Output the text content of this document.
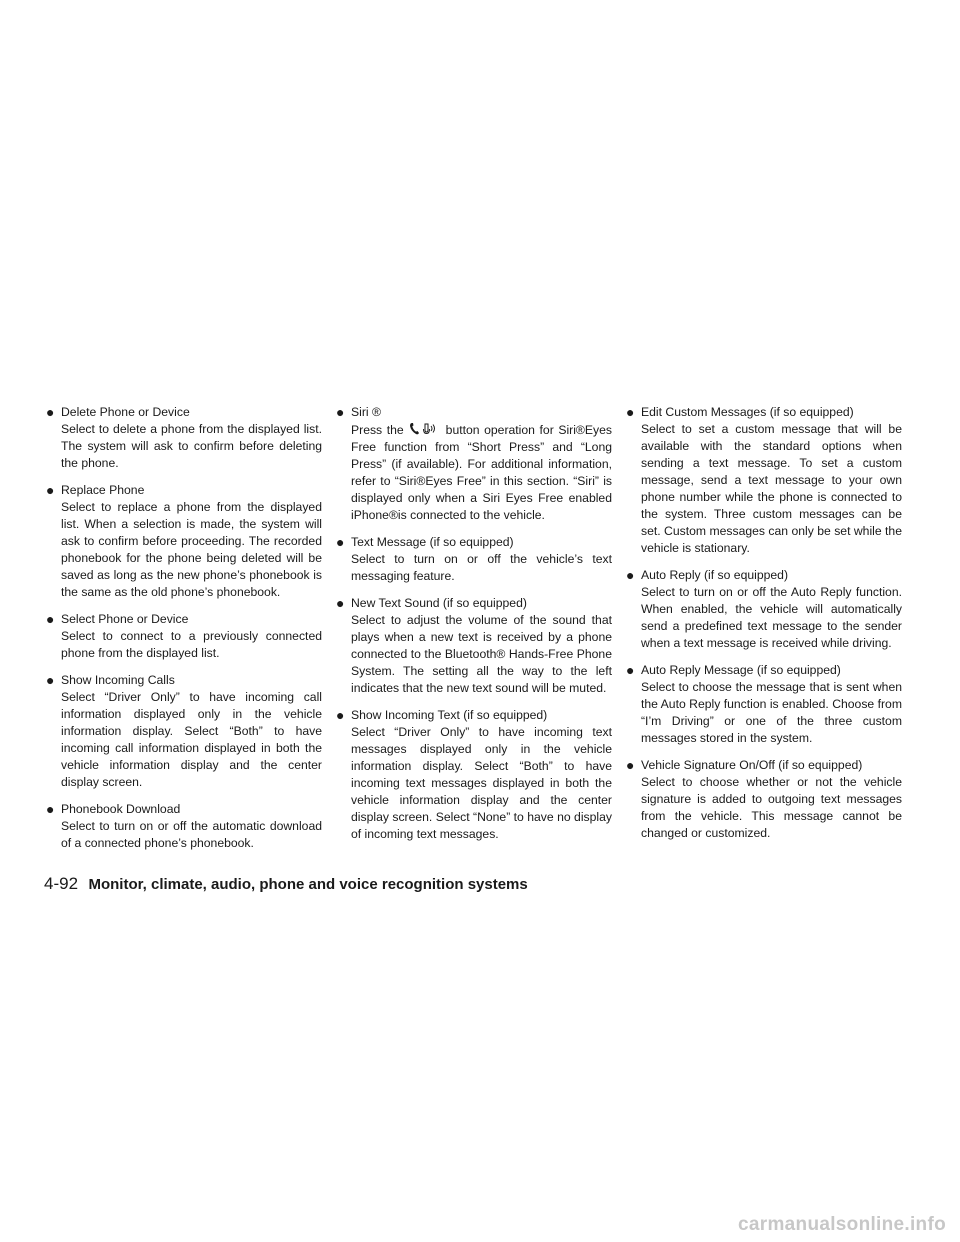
● Delete Phone or Device
Select to delete a phone from the displayed list. The system will ask to confirm before deleting the phone.
● Replace Phone
Select to replace a phone from the displayed list. When a selection is made, the system will ask to confirm before proceeding. The recorded phonebook for the phone being deleted will be saved as long as the new phone’s phonebook is the same as the old phone’s phonebook.
● Select Phone or Device
Select to connect to a previously connected phone from the displayed list.
● Show Incoming Calls
Select “Driver Only” to have incoming call information displayed only in the vehicle information display. Select “Both” to have incoming call information displayed in both the vehicle information display and the center display screen.
● Phonebook Download
Select to turn on or off the automatic download of a connected phone’s phonebook.
● Siri ®
Press the	button operation for Siri®Eyes Free function from “Short Press” and “Long Press” (if available). For additional information, refer to “Siri®Eyes Free” in this section. “Siri” is displayed only when a Siri Eyes Free enabled iPhone®is connected to the vehicle.
● Text Message (if so equipped)
Select to turn on or off the vehicle’s text messaging feature.
● New Text Sound (if so equipped)
Select to adjust the volume of the sound that plays when a new text is received by a phone connected to the Bluetooth® Hands-Free Phone System. The setting all the way to the left indicates that the new text sound will be muted.
● Show Incoming Text (if so equipped)
Select “Driver Only” to have incoming text messages displayed only in the vehicle information display. Select “Both” to have incoming text messages displayed in both the vehicle information display and the center display screen. Select “None” to have no display of incoming text messages.
● Edit Custom Messages (if so equipped)
Select to set a custom message that will be available with the standard options when sending a text message. To set a custom message, send a text message to your own phone number while the phone is connected to the system. Three custom messages can be set. Custom messages can only be set while the vehicle is stationary.
● Auto Reply (if so equipped)
Select to turn on or off the Auto Reply function. When enabled, the vehicle will automatically send a predefined text message to the sender when a text message is received while driving.
● Auto Reply Message (if so equipped)
Select to choose the message that is sent when the Auto Reply function is enabled. Choose from “I’m Driving” or one of the three custom messages stored in the system.
● Vehicle Signature On/Off (if so equipped)
Select to choose whether or not the vehicle signature is added to outgoing text messages from the vehicle. This message cannot be changed or customized.
4-92 Monitor, climate, audio, phone and voice recognition systems
carmanualsonline.info
